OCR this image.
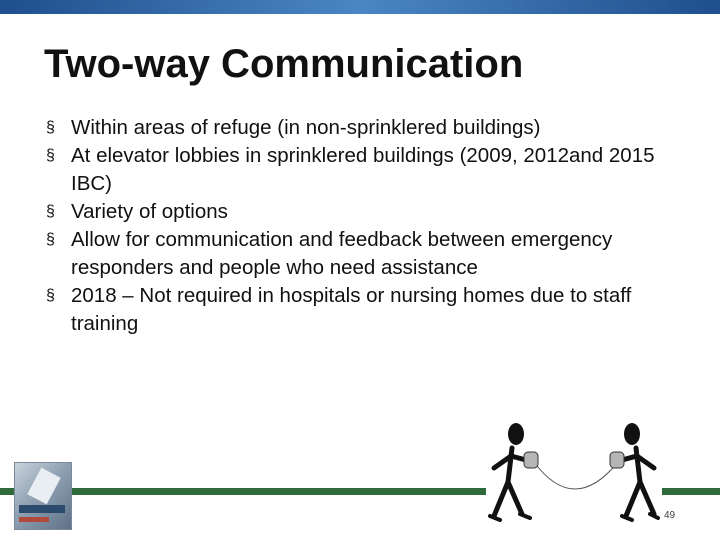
Two-way Communication
§ Within areas of refuge (in non-sprinklered buildings)
§ At elevator lobbies in sprinklered buildings (2009, 2012and 2015 IBC)
§ Variety of options
§ Allow for communication and feedback between emergency responders and people who need assistance
§ 2018 – Not required in hospitals or nursing homes due to staff training
49
